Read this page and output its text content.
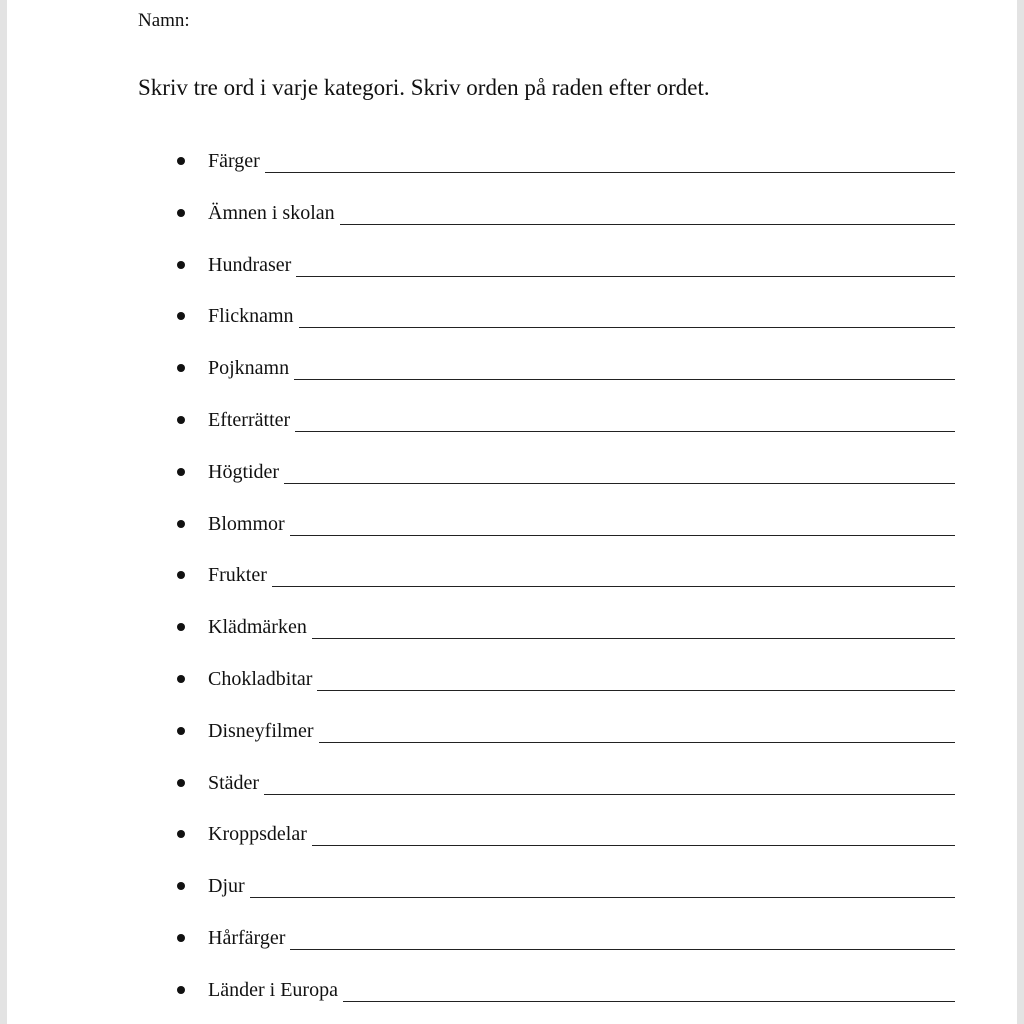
Namn:
Skriv tre ord i varje kategori. Skriv orden på raden efter ordet.
Färger
Ämnen i skolan
Hundraser
Flicknamn
Pojknamn
Efterrätter
Högtider
Blommor
Frukter
Klädmärken
Chokladbitar
Disneyfilmer
Städer
Kroppsdelar
Djur
Hårfärger
Länder i Europa
